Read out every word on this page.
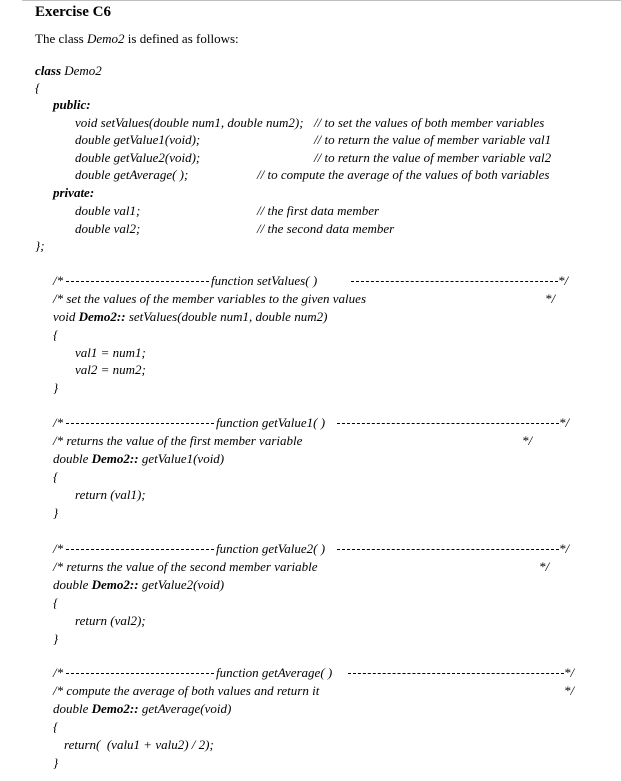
Exercise C6
The class Demo2 is defined as follows:
class Demo2
{
public:
void setValues(double num1, double num2); // to set the values of both member variables
double getValue1(void);	// to return the value of member variable val1
double getValue2(void);	// to return the value of member variable val2
double getAverage( );	// to compute the average of the values of both variables
private:
double val1;	// the first data member
double val2;	// the second data member
};
/*	function setValues( )	*/
/* set the values of the member variables to the given values	*/
void Demo2:: setValues(double num1, double num2)
{
val1 = num1;
val2 = num2;
}
/*	function getValue1( )	*/
/* returns the value of the first member variable	*/
double Demo2:: getValue1(void)
{
return (val1);
}
/*	function getValue2( )	*/
/* returns the value of the second member variable	*/
double Demo2:: getValue2(void)
{
return (val2);
}
/*	function getAverage( )	*/
/* compute the average of both values and return it	*/
double Demo2:: getAverage(void)
{
return(  (valu1 + valu2) / 2);
}
